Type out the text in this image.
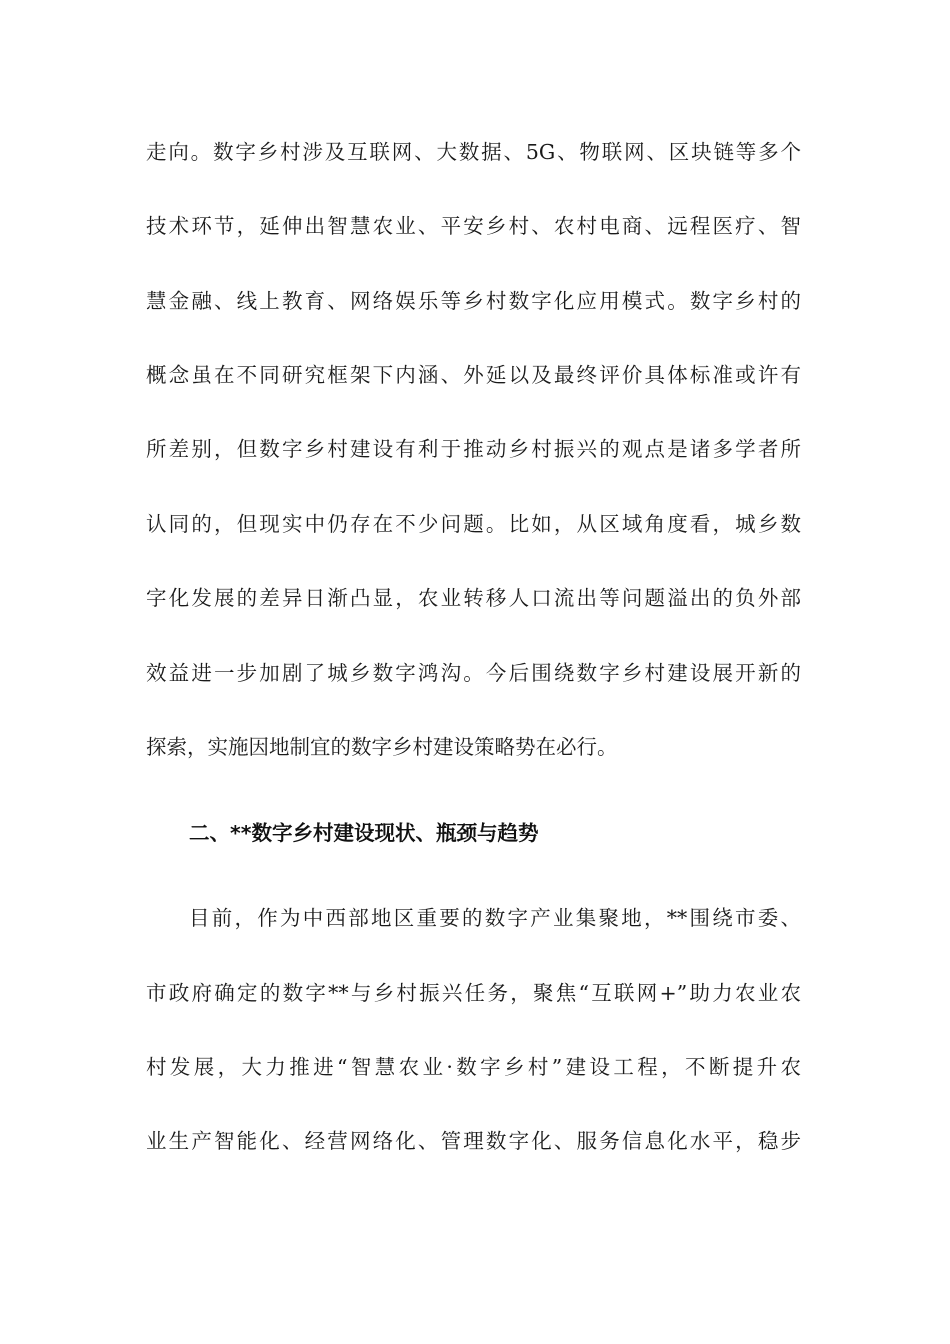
走向。数字乡村涉及互联网、大数据、5G、物联网、区块链等多个
技术环节，延伸出智慧农业、平安乡村、农村电商、远程医疗、智
慧金融、线上教育、网络娱乐等乡村数字化应用模式。数字乡村的
概念虽在不同研究框架下内涵、外延以及最终评价具体标准或许有
所差别，但数字乡村建设有利于推动乡村振兴的观点是诸多学者所
认同的，但现实中仍存在不少问题。比如，从区域角度看，城乡数
字化发展的差异日渐凸显，农业转移人口流出等问题溢出的负外部
效益进一步加剧了城乡数字鸿沟。今后围绕数字乡村建设展开新的
探索，实施因地制宜的数字乡村建设策略势在必行。
二、**数字乡村建设现状、瓶颈与趋势
目前，作为中西部地区重要的数字产业集聚地，**围绕市委、
市政府确定的数字**与乡村振兴任务，聚焦“互联网+”助力农业农
村发展，大力推进“智慧农业·数字乡村”建设工程，不断提升农
业生产智能化、经营网络化、管理数字化、服务信息化水平，稳步
